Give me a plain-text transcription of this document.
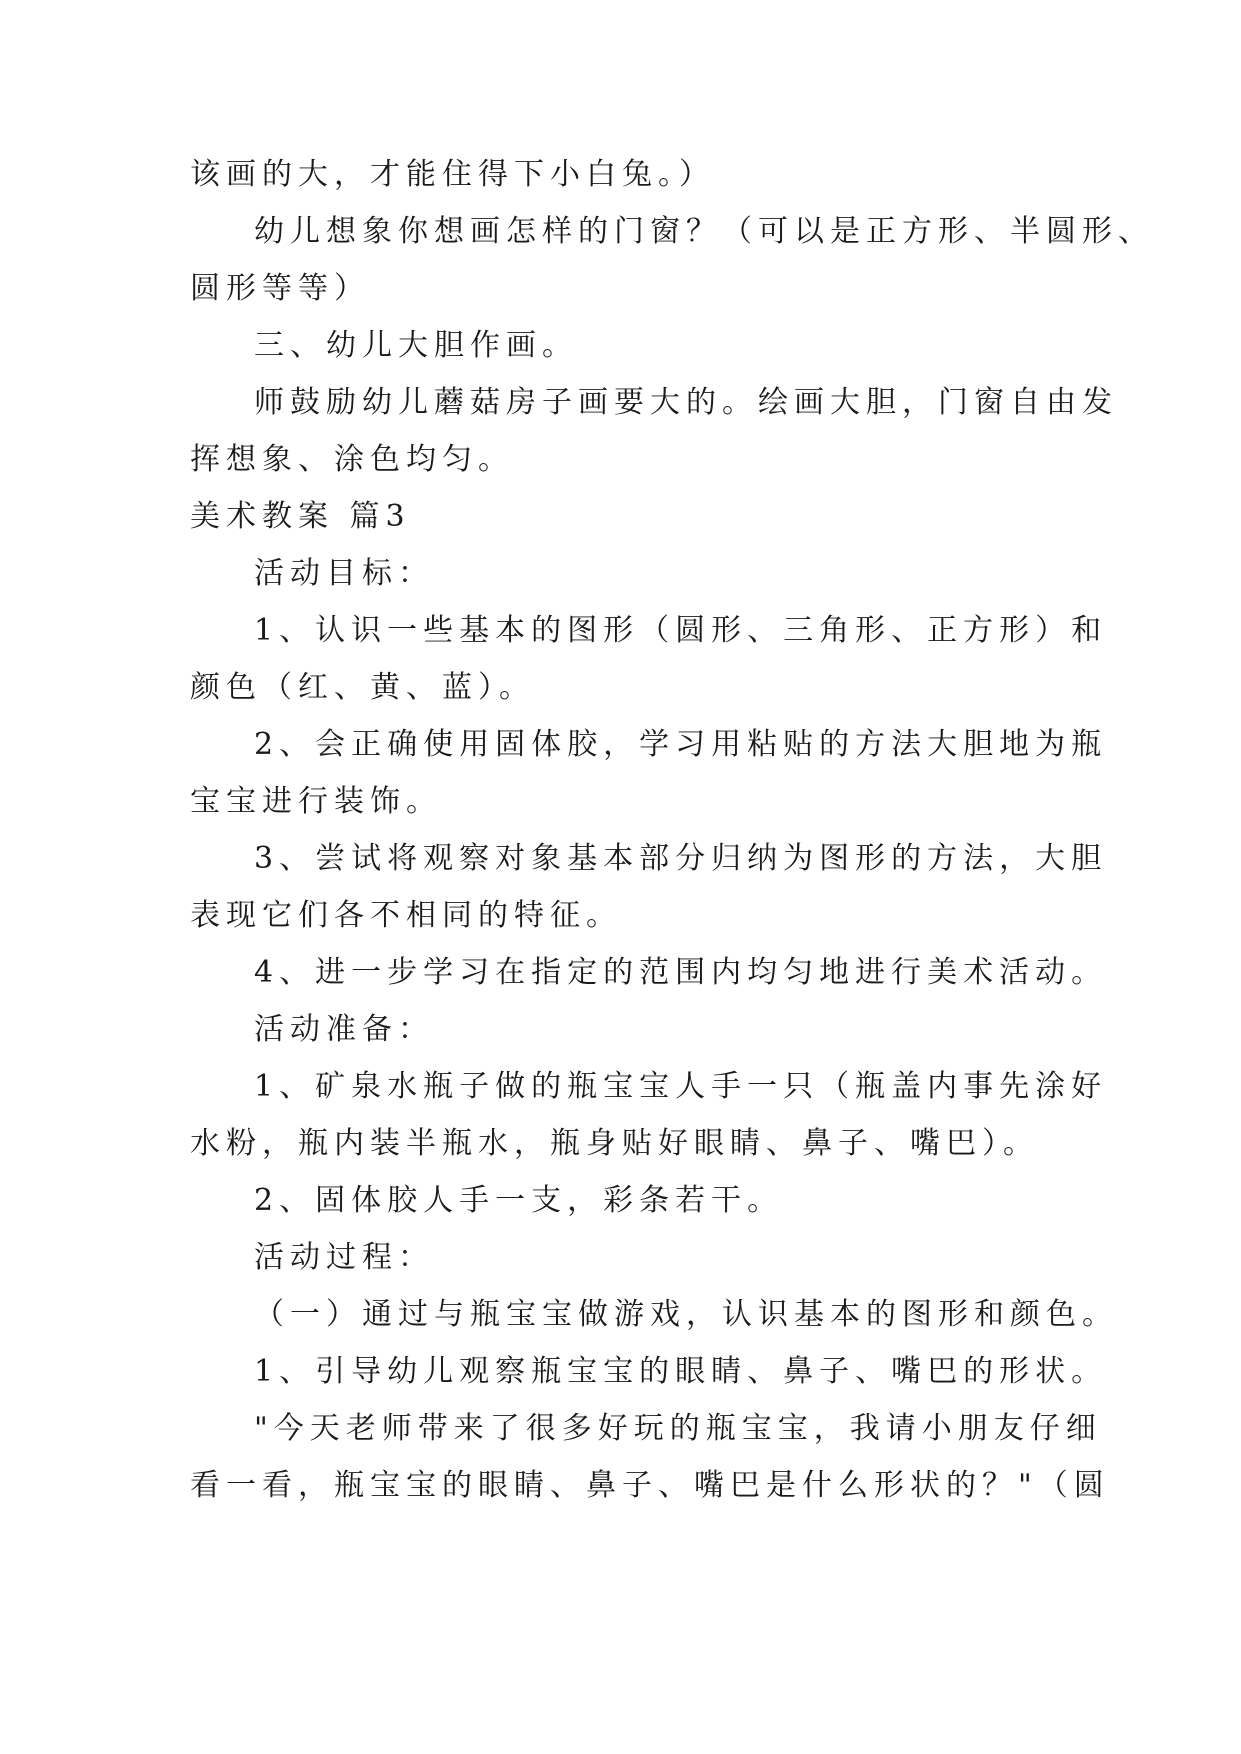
该画的大，才能住得下小白兔。）

幼儿想象你想画怎样的门窗？（可以是正方形、半圆形、

圆形等等）

三、幼儿大胆作画。

师鼓励幼儿蘑菇房子画要大的。绘画大胆，门窗自由发

挥想象、涂色均匀。

美术教案 篇3

活动目标：

1、认识一些基本的图形（圆形、三角形、正方形）和

颜色（红、黄、蓝）。

2、会正确使用固体胶，学习用粘贴的方法大胆地为瓶

宝宝进行装饰。

3、尝试将观察对象基本部分归纳为图形的方法，大胆

表现它们各不相同的特征。

4、进一步学习在指定的范围内均匀地进行美术活动。

活动准备：

1、矿泉水瓶子做的瓶宝宝人手一只（瓶盖内事先涂好

水粉，瓶内装半瓶水，瓶身贴好眼睛、鼻子、嘴巴）。

2、固体胶人手一支，彩条若干。

活动过程：

（一）通过与瓶宝宝做游戏，认识基本的图形和颜色。

1、引导幼儿观察瓶宝宝的眼睛、鼻子、嘴巴的形状。

"今天老师带来了很多好玩的瓶宝宝，我请小朋友仔细

看一看，瓶宝宝的眼睛、鼻子、嘴巴是什么形状的？"（圆
